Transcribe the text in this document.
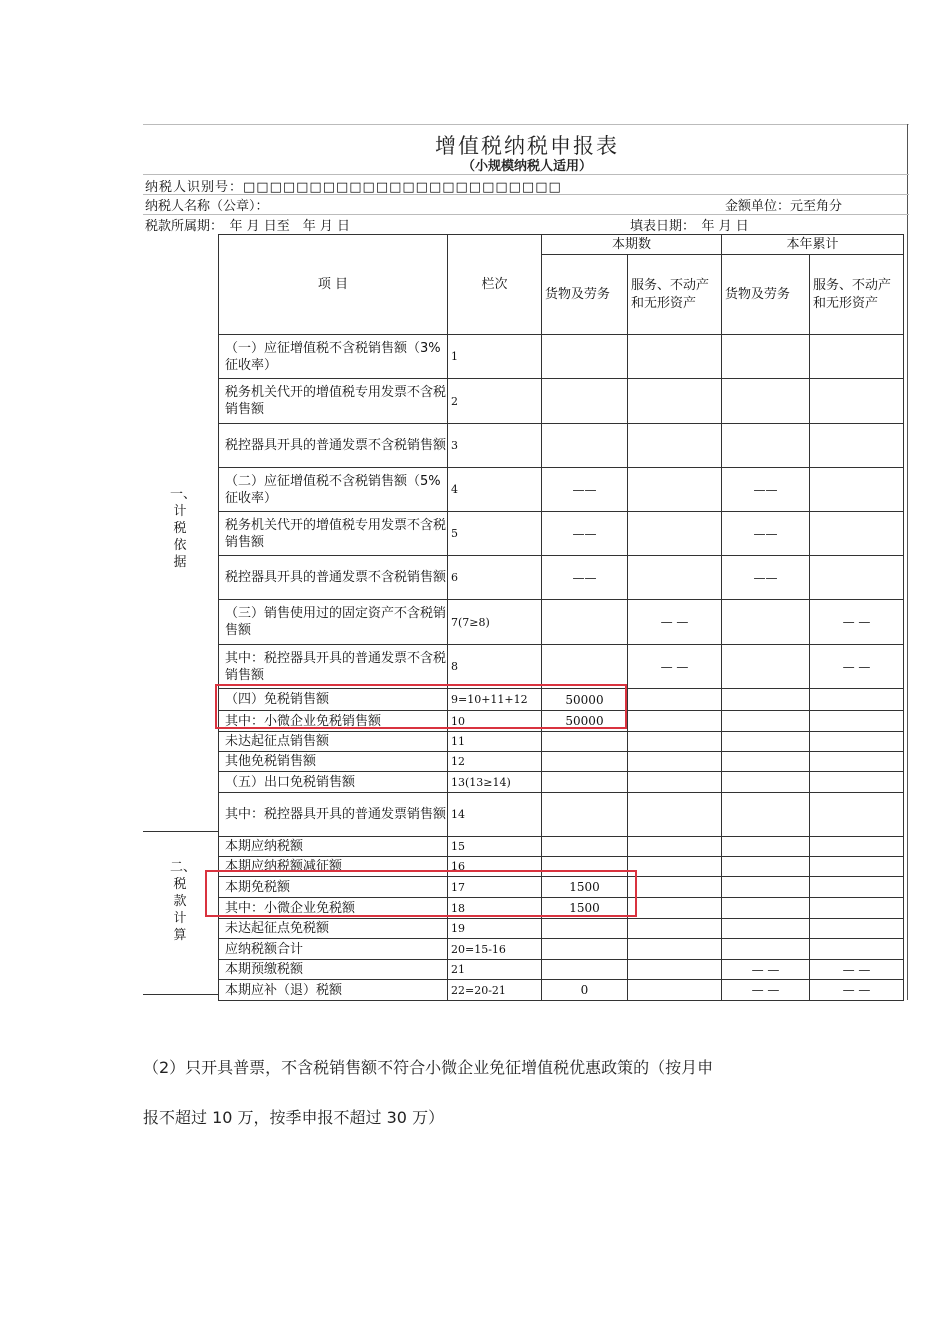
增值税纳税申报表
（小规模纳税人适用）
纳税人识别号：□□□□□□□□□□□□□□□□□□□□□□□□
纳税人名称（公章）：	金额单位：元至角分
税款所属期：　年 月 日至　年 月 日	填表日期：　年 月 日
一、计税依据
二、税款计算
项 目	栏次	本期数		本年累计	
		货物及劳务	服务、不动产和无形资产	货物及劳务	服务、不动产和无形资产
（一）应征增值税不含税销售额（3%征收率）	1				
税务机关代开的增值税专用发票不含税销售额	2				
税控器具开具的普通发票不含税销售额	3				
（二）应征增值税不含税销售额（5%征收率）	4	——		——	
税务机关代开的增值税专用发票不含税销售额	5	——		——	
税控器具开具的普通发票不含税销售额	6	——		——	
（三）销售使用过的固定资产不含税销售额	7(7≥8)		— —		— —
其中：税控器具开具的普通发票不含税销售额	8		— —		— —
（四）免税销售额	9=10+11+12	50000			
其中：小微企业免税销售额	10	50000			
未达起征点销售额	11				
其他免税销售额	12				
（五）出口免税销售额	13(13≥14)				
其中：税控器具开具的普通发票销售额	14				
本期应纳税额	15				
本期应纳税额减征额	16				
本期免税额	17	1500			
其中：小微企业免税额	18	1500			
未达起征点免税额	19				
应纳税额合计	20=15-16				
本期预缴税额	21			— —	— —
本期应补（退）税额	22=20-21	0		— —	— —
（2）只开具普票，不含税销售额不符合小微企业免征增值税优惠政策的（按月申
报不超过 10 万，按季申报不超过 30 万）
